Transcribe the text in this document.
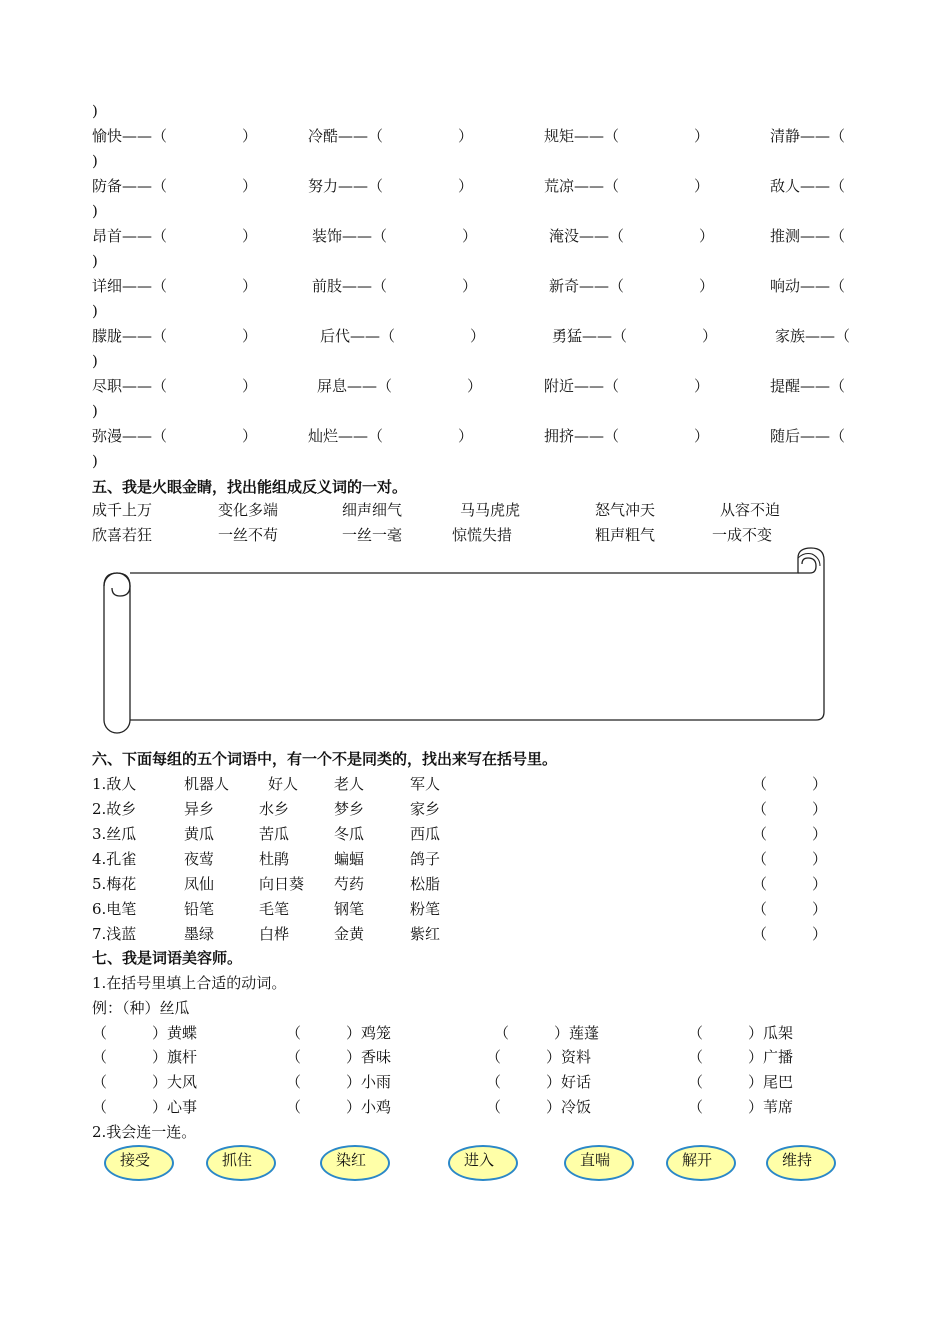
)
愉快——（　　　　　）	冷酷——（　　　　　）	规矩——（　　　　　）	清静——（
)
防备——（　　　　　）	努力——（　　　　　）	荒凉——（　　　　　）	敌人——（
)
昂首——（　　　　　）	装饰——（　　　　　）	淹没——（　　　　　）	推测——（
)
详细——（　　　　　）	前肢——（　　　　　）	新奇——（　　　　　）	响动——（
)
朦胧——（　　　　　）	后代——（　　　　　）	勇猛——（　　　　　）	家族——（
)
尽职——（　　　　　）	屏息——（　　　　　）	附近——（　　　　　）	提醒——（
)
弥漫——（　　　　　）	灿烂——（　　　　　）	拥挤——（　　　　　）	随后——（
)
五、我是火眼金睛，找出能组成反义词的一对。
成千上万	变化多端	细声细气	马马虎虎	怒气冲天	从容不迫
欣喜若狂	一丝不苟	一丝一毫	惊慌失措	粗声粗气	一成不变
六、下面每组的五个词语中，有一个不是同类的，找出来写在括号里。
1.敌人	机器人	好人 老人	军人	（　　　）
2.故乡	异乡	水乡	梦乡	家乡	（　　　）
3.丝瓜	黄瓜	苦瓜	冬瓜	西瓜	（　　　）
4.孔雀	夜莺	杜鹃	蝙蝠	鸽子	（　　　）
5.梅花	凤仙	向日葵 芍药	松脂	（　　　）
6.电笔	铅笔	毛笔	钢笔	粉笔	（　　　）
7.浅蓝	墨绿	白桦	金黄	紫红	（　　　）
七、我是词语美容师。
1.在括号里填上合适的动词。
例：（种）丝瓜
（　　　）黄蝶	（　　　）鸡笼	（　　　）莲蓬	（　　　）瓜架
（　　　）旗杆	（　　　）香味	（　　　）资料	（　　　）广播
（　　　）大风	（　　　）小雨	（　　　）好话	（　　　）尾巴
（　　　）心事	（　　　）小鸡	（　　　）冷饭	（　　　）苇席
2.我会连一连。
接受	抓住	染红	进入	直喘	解开	维持
